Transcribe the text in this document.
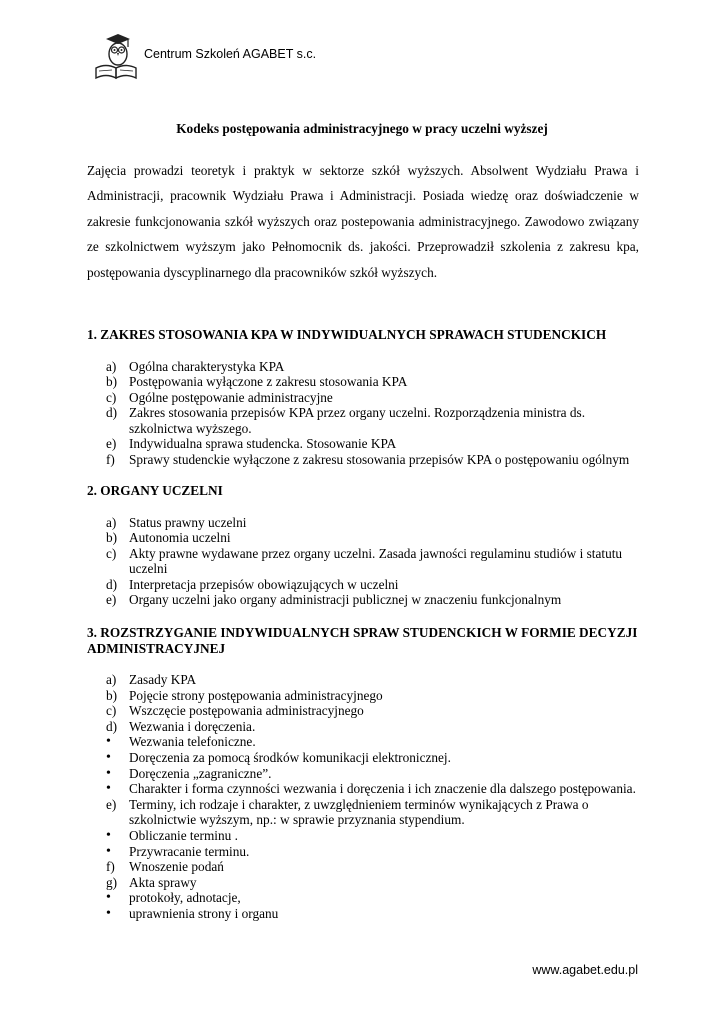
Centrum Szkoleń AGABET s.c.
Kodeks postępowania administracyjnego w pracy uczelni wyższej

Zajęcia prowadzi teoretyk i praktyk w sektorze szkół wyższych. Absolwent Wydziału Prawa i Administracji, pracownik Wydziału Prawa i Administracji. Posiada wiedzę oraz doświadczenie w zakresie funkcjonowania szkół wyższych oraz postepowania administracyjnego. Zawodowo związany ze szkolnictwem wyższym jako Pełnomocnik ds. jakości. Przeprowadził szkolenia z zakresu kpa, postępowania dyscyplinarnego dla pracowników szkół wyższych.

1. ZAKRES STOSOWANIA KPA W INDYWIDUALNYCH SPRAWACH STUDENCKICH

a) Ogólna charakterystyka KPA
b) Postępowania wyłączone z zakresu stosowania KPA
c) Ogólne postępowanie administracyjne
d) Zakres stosowania przepisów KPA przez organy uczelni. Rozporządzenia ministra ds. szkolnictwa wyższego.
e) Indywidualna sprawa studencka. Stosowanie KPA
f)	Sprawy studenckie wyłączone z zakresu stosowania przepisów KPA o postępowaniu ogólnym

2. ORGANY UCZELNI

a) Status prawny uczelni
b) Autonomia uczelni
c) Akty prawne wydawane przez organy uczelni. Zasada jawności regulaminu studiów i statutu uczelni
d) Interpretacja przepisów obowiązujących w uczelni
e) Organy uczelni jako organy administracji publicznej w znaczeniu funkcjonalnym

3. ROZSTRZYGANIE INDYWIDUALNYCH SPRAW STUDENCKICH W FORMIE DECYZJI ADMINISTRACYJNEJ

a) Zasady KPA
b) Pojęcie strony postępowania administracyjnego
c) Wszczęcie postępowania administracyjnego
d) Wezwania i doręczenia.
•	Wezwania telefoniczne.
•	Doręczenia za pomocą środków komunikacji elektronicznej.
•	Doręczenia „zagraniczne”.
•	Charakter i forma czynności wezwania i doręczenia i ich znaczenie dla dalszego postępowania.
e) Terminy, ich rodzaje i charakter, z uwzględnieniem terminów wynikających z Prawa o szkolnictwie wyższym, np.: w sprawie przyznania stypendium.
•	Obliczanie terminu .
•	Przywracanie terminu.
f)	Wnoszenie podań
g) Akta sprawy
•	protokoły, adnotacje,
•	uprawnienia strony i organu
www.agabet.edu.pl
